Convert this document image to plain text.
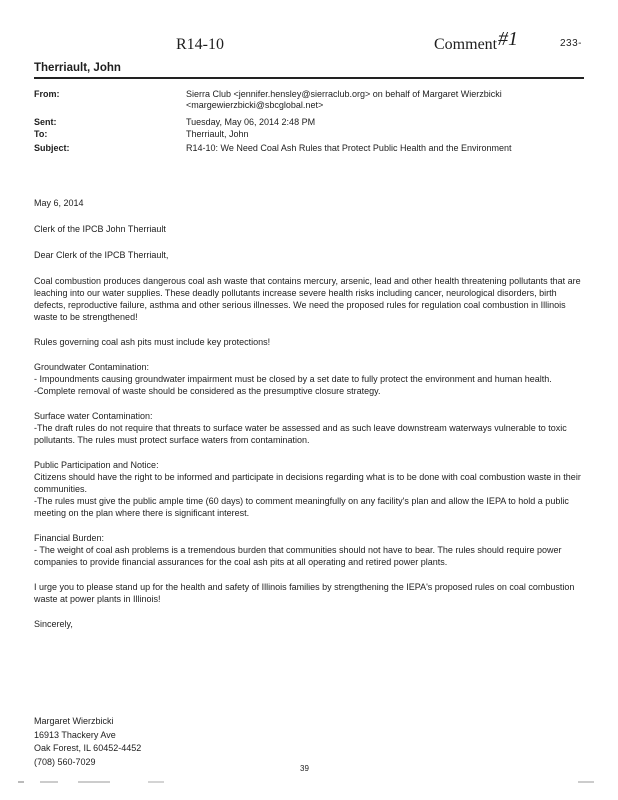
R14-10	Comment #1	233-
Therriault, John
From:	Sierra Club <jennifer.hensley@sierraclub.org> on behalf of Margaret Wierzbicki
<margewierzbicki@sbcglobal.net>
Sent:	Tuesday, May 06, 2014 2:48 PM
To:	Therriault, John
Subject:	R14-10: We Need Coal Ash Rules that Protect Public Health and the Environment

May 6, 2014

Clerk of the IPCB John Therriault

Dear Clerk of the IPCB Therriault,

Coal combustion produces dangerous coal ash waste that contains mercury, arsenic, lead and other health threatening pollutants that are leaching into our water supplies. These deadly pollutants increase severe health risks including cancer, neurological disorders, birth defects, reproductive failure, asthma and other serious illnesses. We need the proposed rules for regulation coal combustion in Illinois waste to be strengthened!

Rules governing coal ash pits must include key protections!

Groundwater Contamination:

- Impoundments causing groundwater impairment must be closed by a set date to fully protect the environment and human health.

-Complete removal of waste should be considered as the presumptive closure strategy.

Surface water Contamination:

-The draft rules do not require that threats to surface water be assessed and as such leave downstream waterways vulnerable to toxic pollutants. The rules must protect surface waters from contamination.

Public Participation and Notice:

Citizens should have the right to be informed and participate in decisions regarding what is to be done with coal combustion waste in their communities.

-The rules must give the public ample time (60 days) to comment meaningfully on any facility's plan and allow the IEPA to hold a public meeting on the plan where there is significant interest.

Financial Burden:

- The weight of coal ash problems is a tremendous burden that communities should not have to bear. The rules should require power companies to provide financial assurances for the coal ash pits at all operating and retired power plants.

I urge you to please stand up for the health and safety of Illinois families by strengthening the IEPA's proposed rules on coal combustion waste at power plants in Illinois!

Sincerely,

Margaret Wierzbicki
16913 Thackery Ave
Oak Forest, IL 60452-4452
(708) 560-7029
39
